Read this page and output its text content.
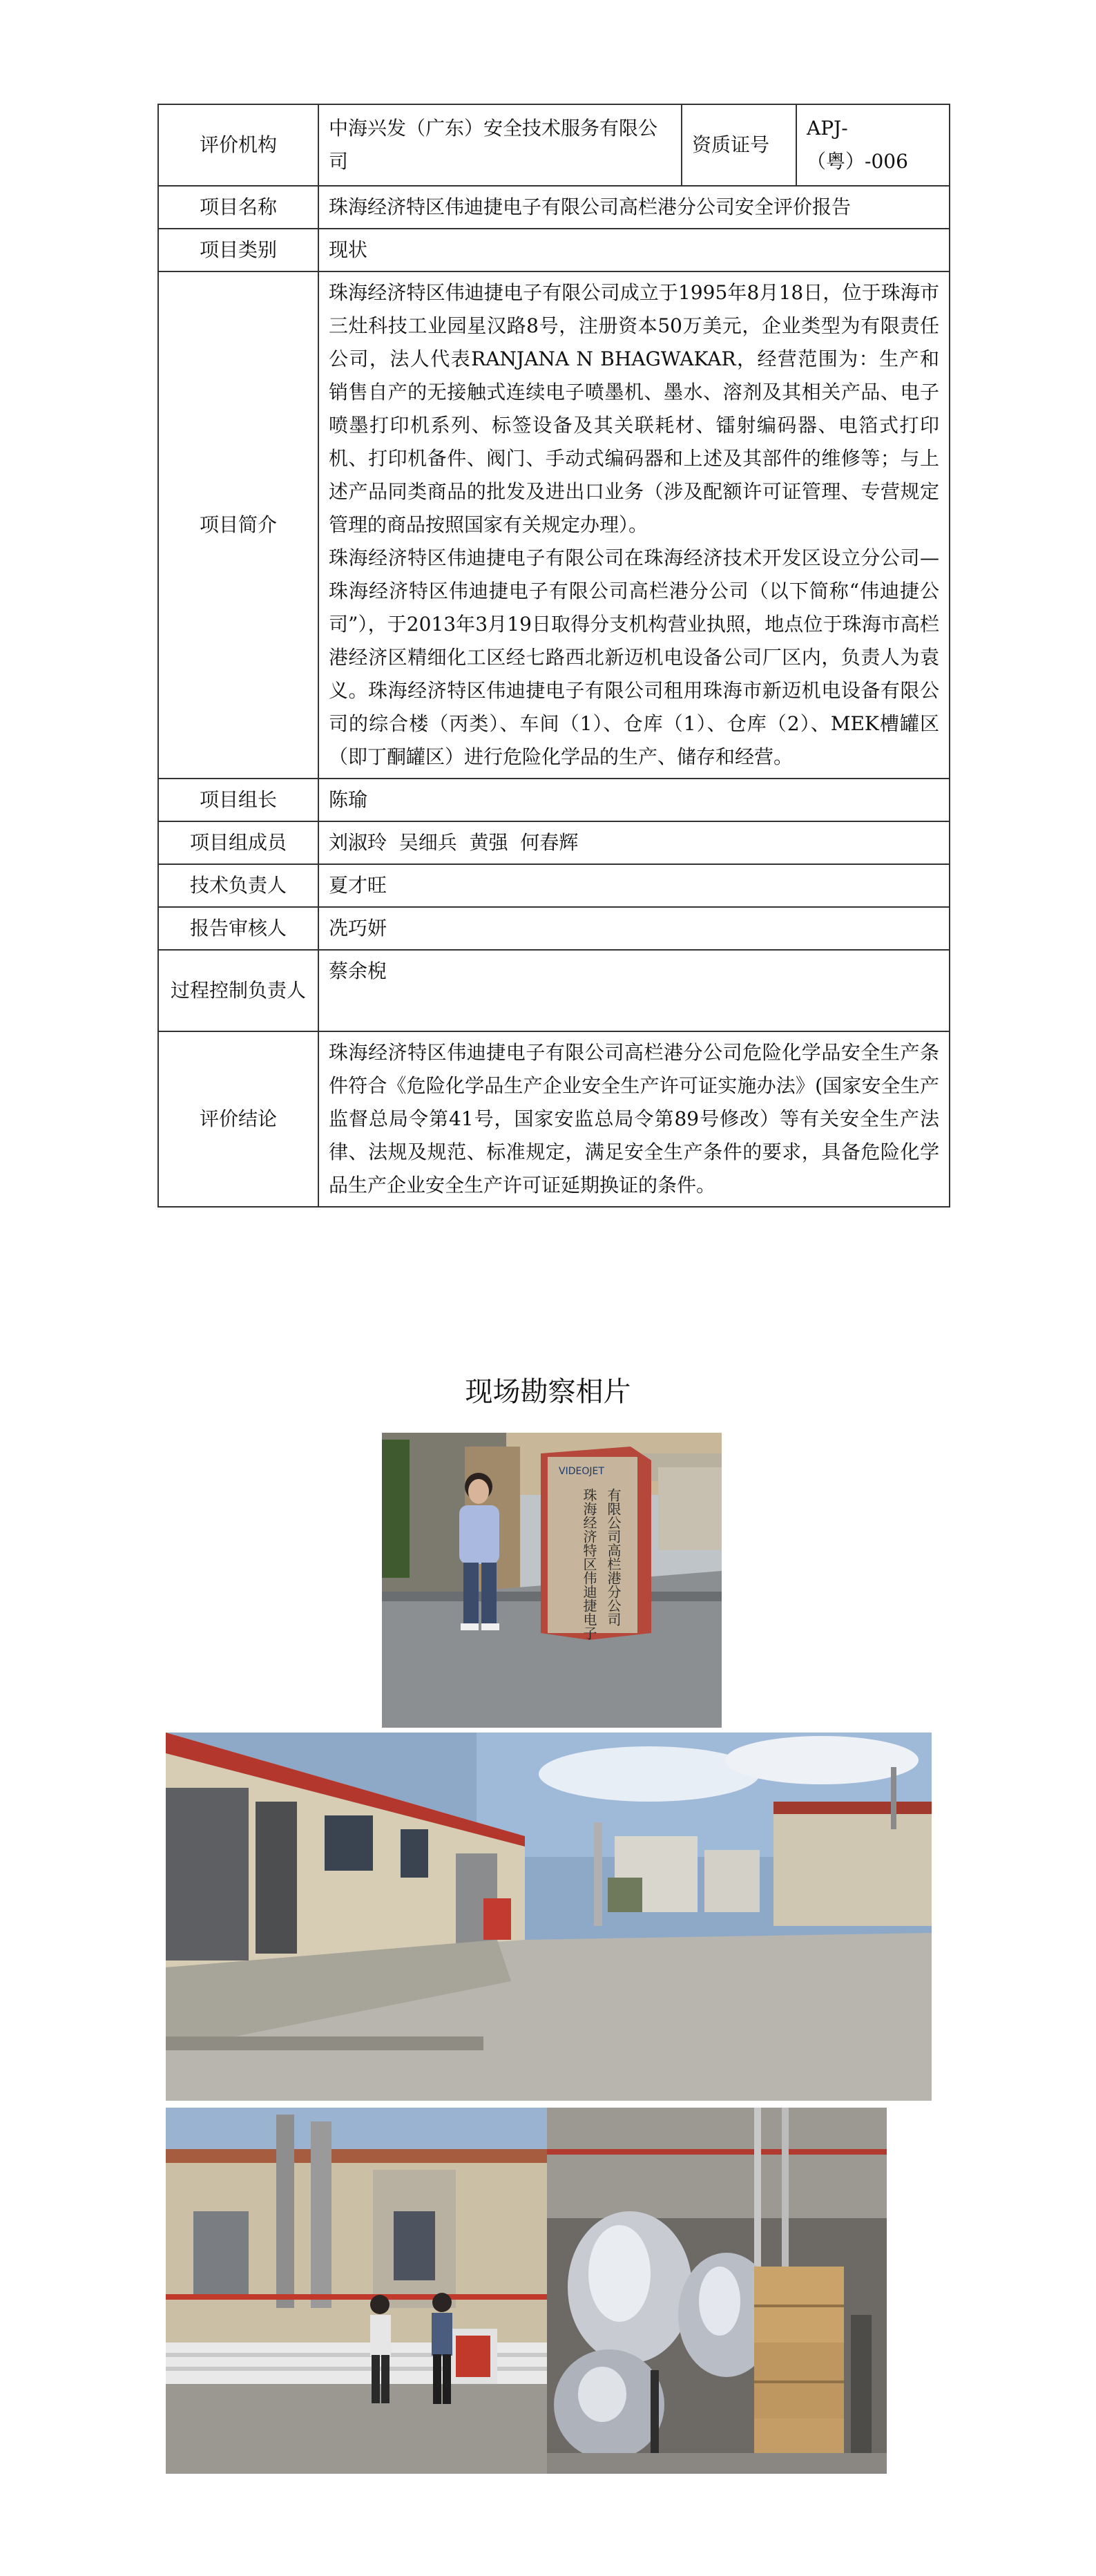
评价机构	中海兴发（广东）安全技术服务有限公司	资质证号	APJ-（粤）-006
项目名称	珠海经济特区伟迪捷电子有限公司高栏港分公司安全评价报告		
项目类别	现状		
项目简介	珠海经济特区伟迪捷电子有限公司成立于1995年8月18日，位于珠海市三灶科技工业园星汉路8号，注册资本50万美元，企业类型为有限责任公司，法人代表RANJANA N BHAGWAKAR，经营范围为：生产和销售自产的无接触式连续电子喷墨机、墨水、溶剂及其相关产品、电子喷墨打印机系列、标签设备及其关联耗材、镭射编码器、电箔式打印机、打印机备件、阀门、手动式编码器和上述及其部件的维修等；与上述产品同类商品的批发及进出口业务（涉及配额许可证管理、专营规定管理的商品按照国家有关规定办理）。
珠海经济特区伟迪捷电子有限公司在珠海经济技术开发区设立分公司—珠海经济特区伟迪捷电子有限公司高栏港分公司（以下简称“伟迪捷公司”），于2013年3月19日取得分支机构营业执照，地点位于珠海市高栏港经济区精细化工区经七路西北新迈机电设备公司厂区内，负责人为袁义。珠海经济特区伟迪捷电子有限公司租用珠海市新迈机电设备有限公司的综合楼（丙类）、车间（1）、仓库（1）、仓库（2）、MEK槽罐区（即丁酮罐区）进行危险化学品的生产、储存和经营。		

项目组长	陈瑜		
项目组成员	刘淑玲  吴细兵  黄强  何春辉		
技术负责人	夏才旺		
报告审核人	冼巧妍		
过程控制负责人	蔡余棿		
评价结论	珠海经济特区伟迪捷电子有限公司高栏港分公司危险化学品安全生产条件符合《危险化学品生产企业安全生产许可证实施办法》(国家安全生产监督总局令第41号，国家安监总局令第89号修改）等有关安全生产法律、法规及规范、标准规定，满足安全生产条件的要求，具备危险化学品生产企业安全生产许可证延期换证的条件。		
现场勘察相片
VIDEOJET
有限公司高栏港分公司
珠海经济特区伟迪捷电子
